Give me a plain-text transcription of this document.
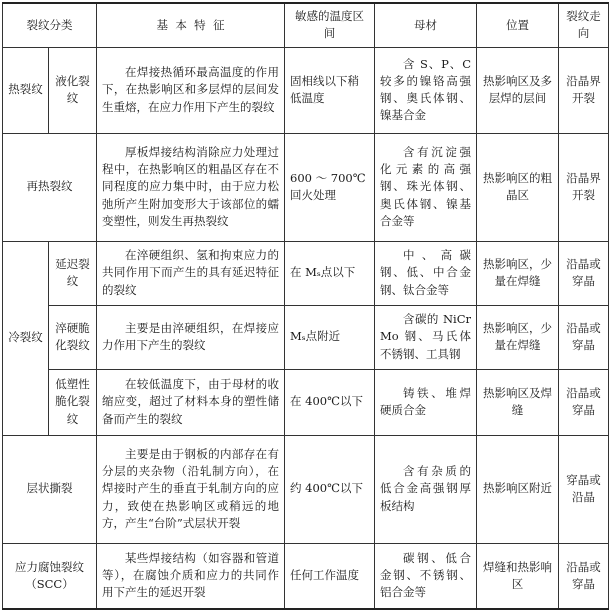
裂纹分类		基  本  特  征	敏感的温度区间	母材	位置	裂纹走向
热裂纹	液化裂纹	在焊接热循环最高温度的作用下，在热影响区和多层焊的层间发生重熔，在应力作用下产生的裂纹	固相线以下稍低温度	含 S、P、C 较多的镍铬高强钢、奥氏体钢、镍基合金	热影响区及多层焊的层间	沿晶界开裂
再热裂纹		厚板焊接结构消除应力处理过程中，在热影响区的粗晶区存在不同程度的应力集中时，由于应力松弛所产生附加变形大于该部位的蠕变塑性，则发生再热裂纹	600 ～ 700℃回火处理	含有沉淀强化元素的高强钢、珠光体钢、奥氏体钢、镍基合金等	热影响区的粗晶区	沿晶界开裂
冷裂纹	延迟裂纹	在淬硬组织、氢和拘束应力的共同作用下而产生的具有延迟特征的裂纹	在 Mₛ点以下	中、高碳钢、低、中合金钢、钛合金等	热影响区，少量在焊缝	沿晶或穿晶
	淬硬脆化裂纹	主要是由淬硬组织，在焊接应力作用下产生的裂纹	Mₛ点附近	含碳的 NiCrMo 钢、马氏体不锈钢、工具钢	热影响区，少量在焊缝	沿晶或穿晶
	低塑性脆化裂纹	在较低温度下，由于母材的收缩应变，超过了材料本身的塑性储备而产生的裂纹	在 400℃以下	铸铁、堆焊硬质合金	热影响区及焊缝	沿晶或穿晶
层状撕裂		主要是由于钢板的内部存在有分层的夹杂物（沿轧制方向），在焊接时产生的垂直于轧制方向的应力，致使在热影响区或稍远的地方，产生“台阶”式层状开裂	约 400℃以下	含有杂质的低合金高强钢厚板结构	热影响区附近	穿晶或沿晶
应力腐蚀裂纹（SCC）		某些焊接结构（如容器和管道等），在腐蚀介质和应力的共同作用下产生的延迟开裂	任何工作温度	碳钢、低合金钢、不锈钢、铝合金等	焊缝和热影响区	沿晶或穿晶
